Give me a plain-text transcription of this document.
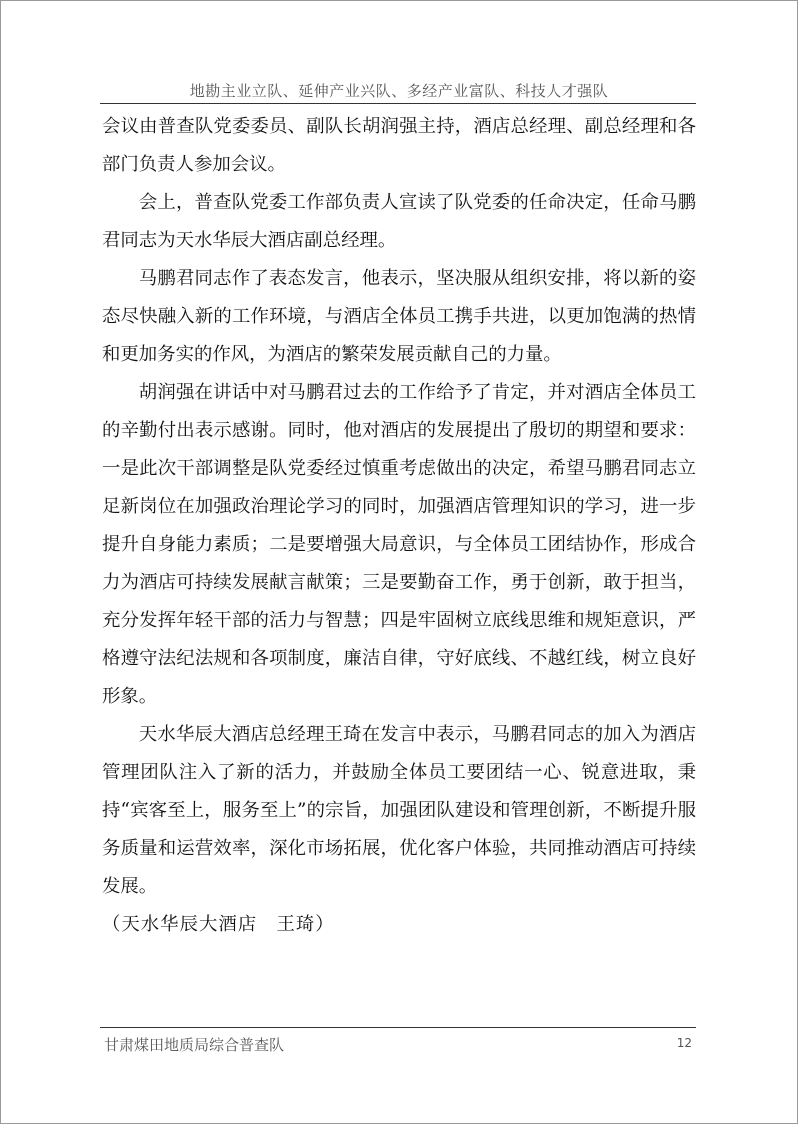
地勘主业立队、延伸产业兴队、多经产业富队、科技人才强队

会议由普查队党委委员、副队长胡润强主持，酒店总经理、副总经理和各部门负责人参加会议。

会上，普查队党委工作部负责人宣读了队党委的任命决定，任命马鹏君同志为天水华辰大酒店副总经理。

马鹏君同志作了表态发言，他表示，坚决服从组织安排，将以新的姿态尽快融入新的工作环境，与酒店全体员工携手共进，以更加饱满的热情和更加务实的作风，为酒店的繁荣发展贡献自己的力量。

胡润强在讲话中对马鹏君过去的工作给予了肯定，并对酒店全体员工的辛勤付出表示感谢。同时，他对酒店的发展提出了殷切的期望和要求：一是此次干部调整是队党委经过慎重考虑做出的决定，希望马鹏君同志立足新岗位在加强政治理论学习的同时，加强酒店管理知识的学习，进一步提升自身能力素质；二是要增强大局意识，与全体员工团结协作，形成合力为酒店可持续发展献言献策；三是要勤奋工作，勇于创新，敢于担当，充分发挥年轻干部的活力与智慧；四是牢固树立底线思维和规矩意识，严格遵守法纪法规和各项制度，廉洁自律，守好底线、不越红线，树立良好形象。

天水华辰大酒店总经理王琦在发言中表示，马鹏君同志的加入为酒店管理团队注入了新的活力，并鼓励全体员工要团结一心、锐意进取，秉持“宾客至上，服务至上”的宗旨，加强团队建设和管理创新，不断提升服务质量和运营效率，深化市场拓展，优化客户体验，共同推动酒店可持续发展。

（天水华辰大酒店　王琦）

甘肃煤田地质局综合普查队	12
